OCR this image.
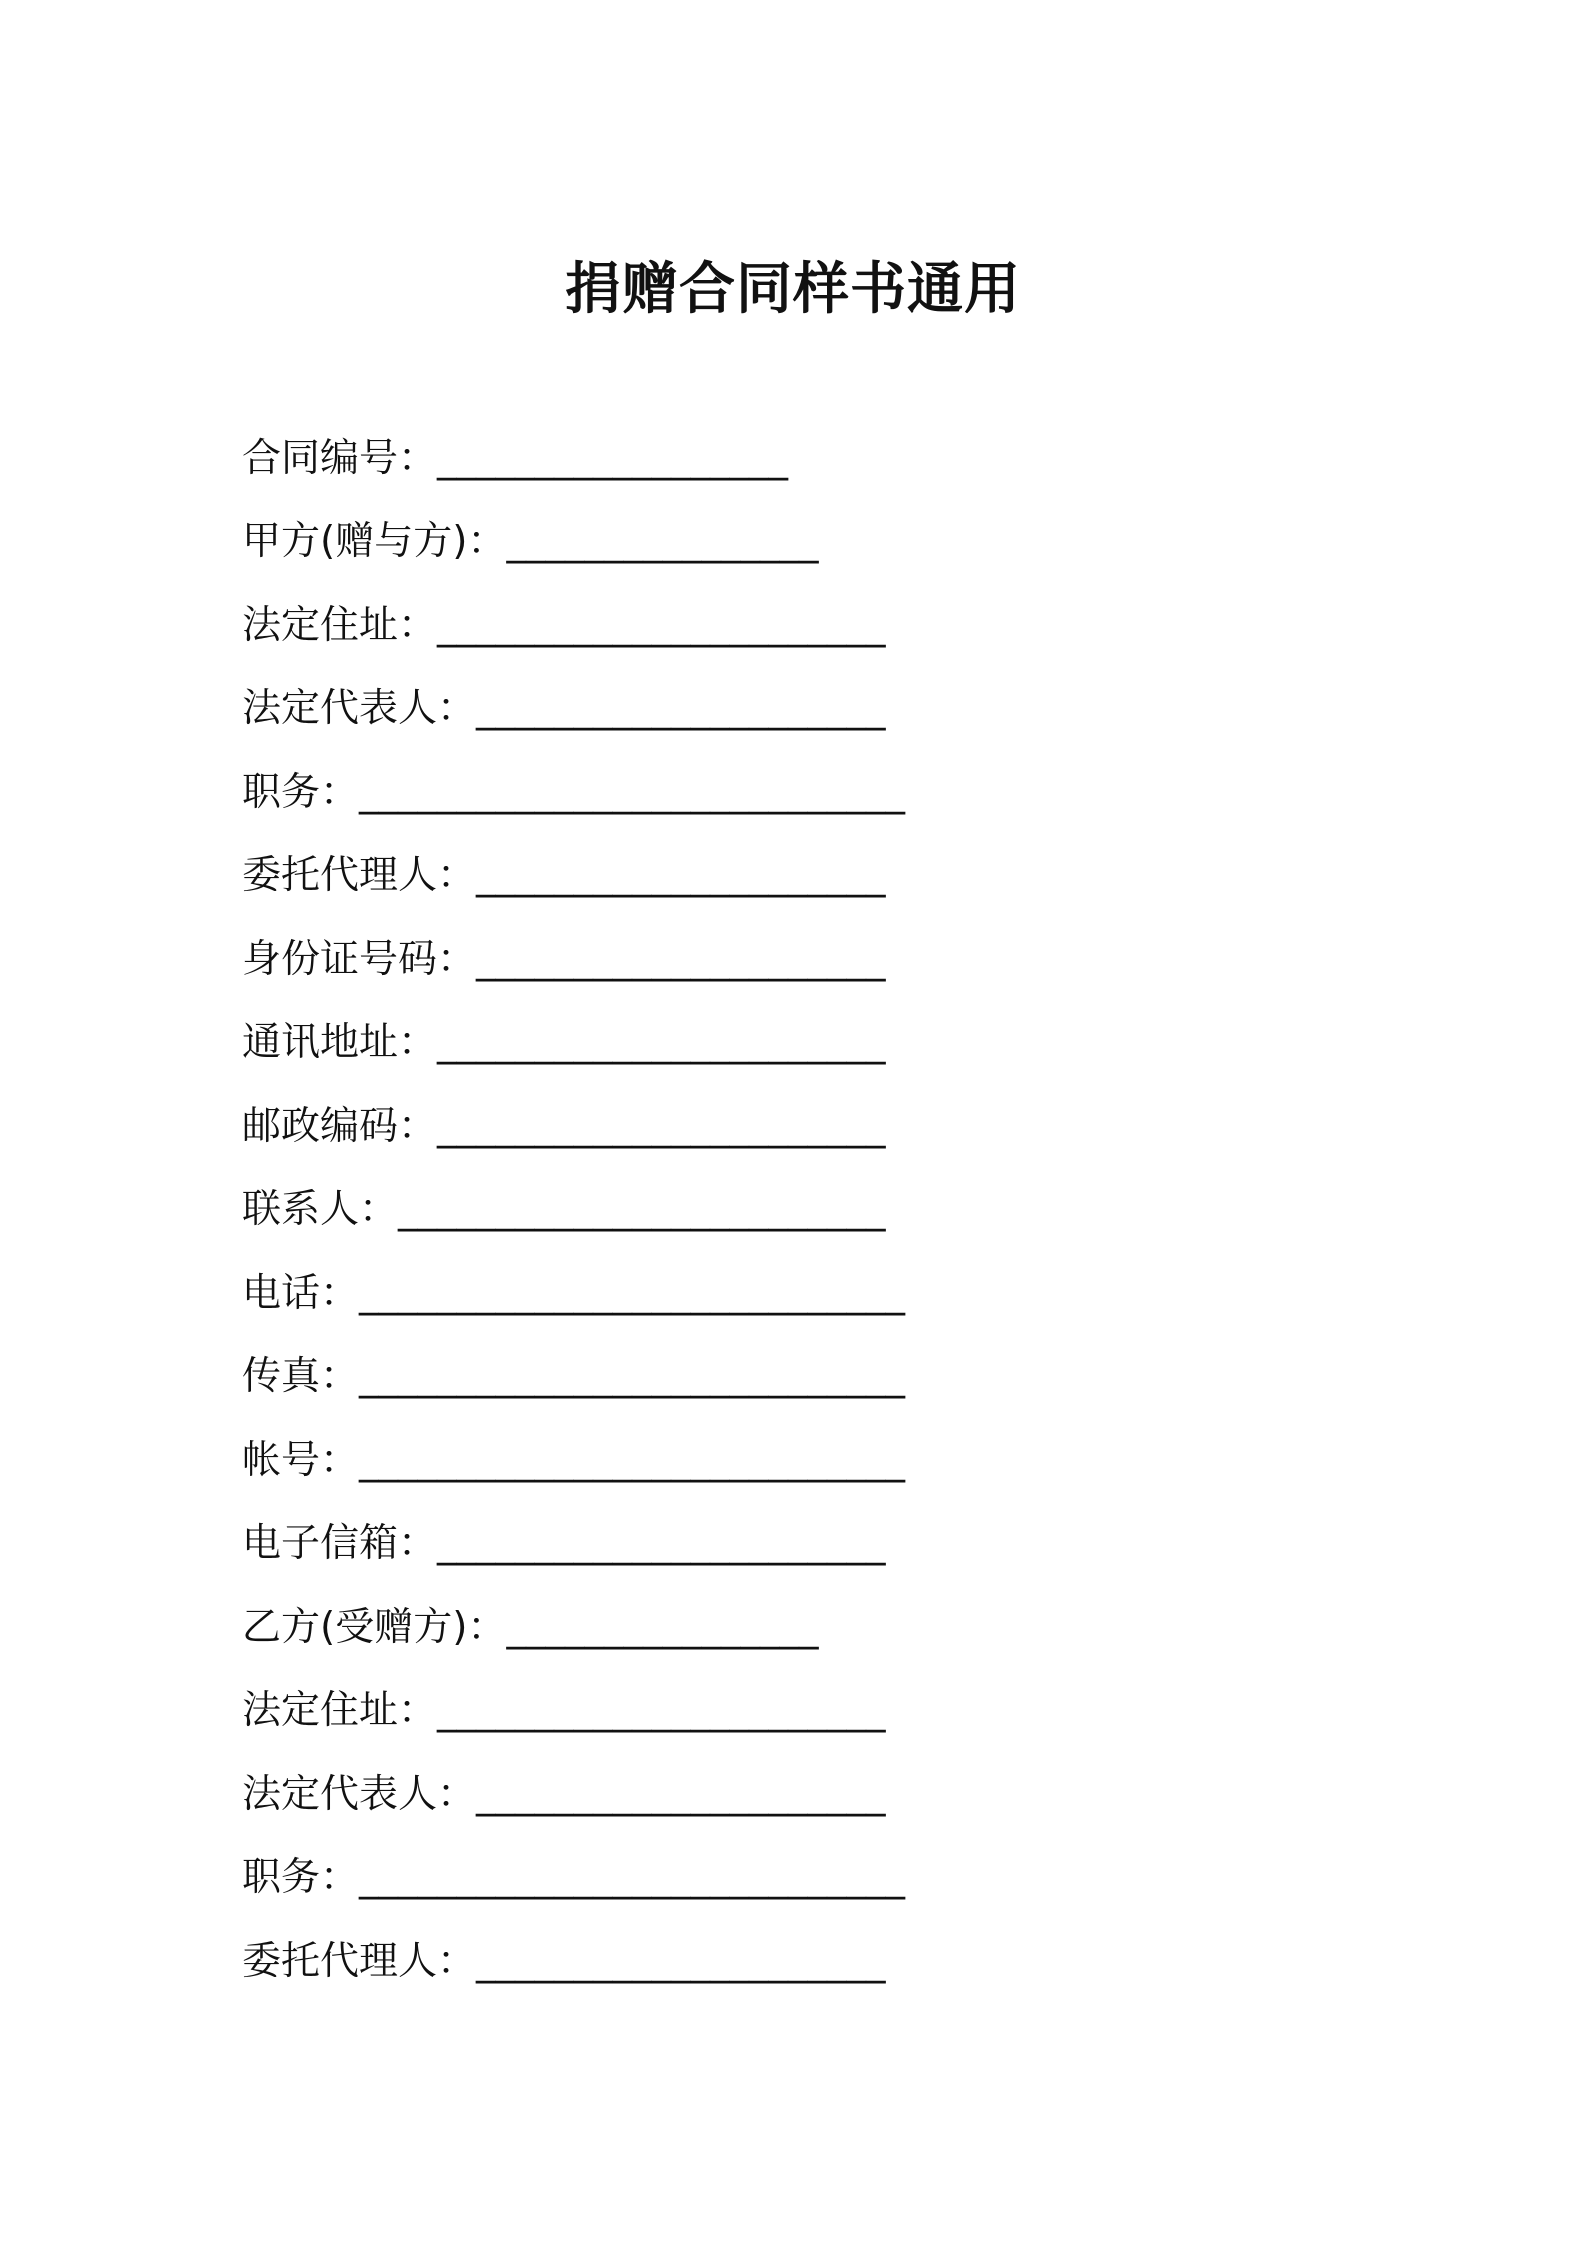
捐赠合同样书通用
合同编号： __________________
甲方(赠与方)： ________________
法定住址： _______________________
法定代表人： _____________________
职务： ____________________________
委托代理人： _____________________
身份证号码： _____________________
通讯地址： _______________________
邮政编码： _______________________
联系人： _________________________
电话： ____________________________
传真： ____________________________
帐号： ____________________________
电子信箱： _______________________
乙方(受赠方)： ________________
法定住址： _______________________
法定代表人： _____________________
职务： ____________________________
委托代理人： _____________________
